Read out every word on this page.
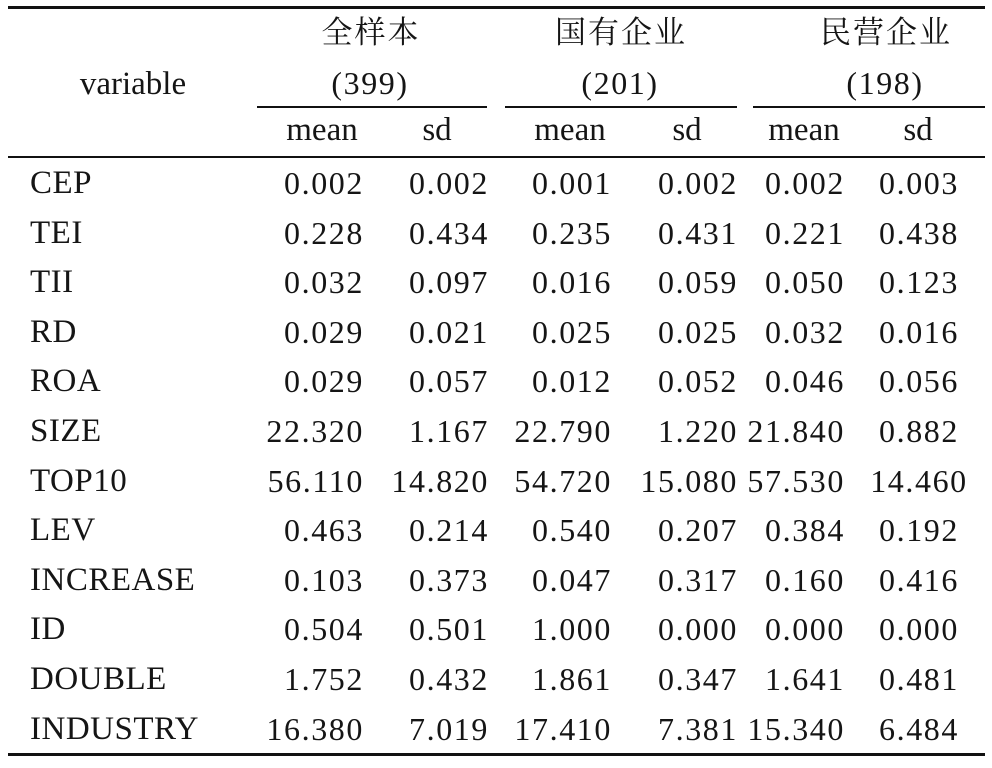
variable
全样本	国有企业	民营企业
(399)	(201)	(198)
mean	sd	mean	sd	mean	sd
CEP	0.002	0.002	0.001	0.002 0.002	0.003
TEI	0.228	0.434	0.235	0.431 0.221	0.438
TII	0.032	0.097	0.016	0.059 0.050	0.123
RD	0.029	0.021	0.025	0.025 0.032	0.016
ROA	0.029	0.057	0.012	0.052 0.046	0.056
SIZE	22.320	1.167 22.790	1.220 21.840	0.882
TOP10	56.110 14.820 54.720 15.080 57.530 14.460
LEV	0.463	0.214	0.540	0.207 0.384	0.192
INCREASE	0.103	0.373	0.047	0.317 0.160	0.416
ID	0.504	0.501	1.000	0.000 0.000	0.000
DOUBLE	1.752	0.432	1.861	0.347 1.641	0.481
INDUSTRY	16.380	7.019 17.410	7.381 15.340	6.484
